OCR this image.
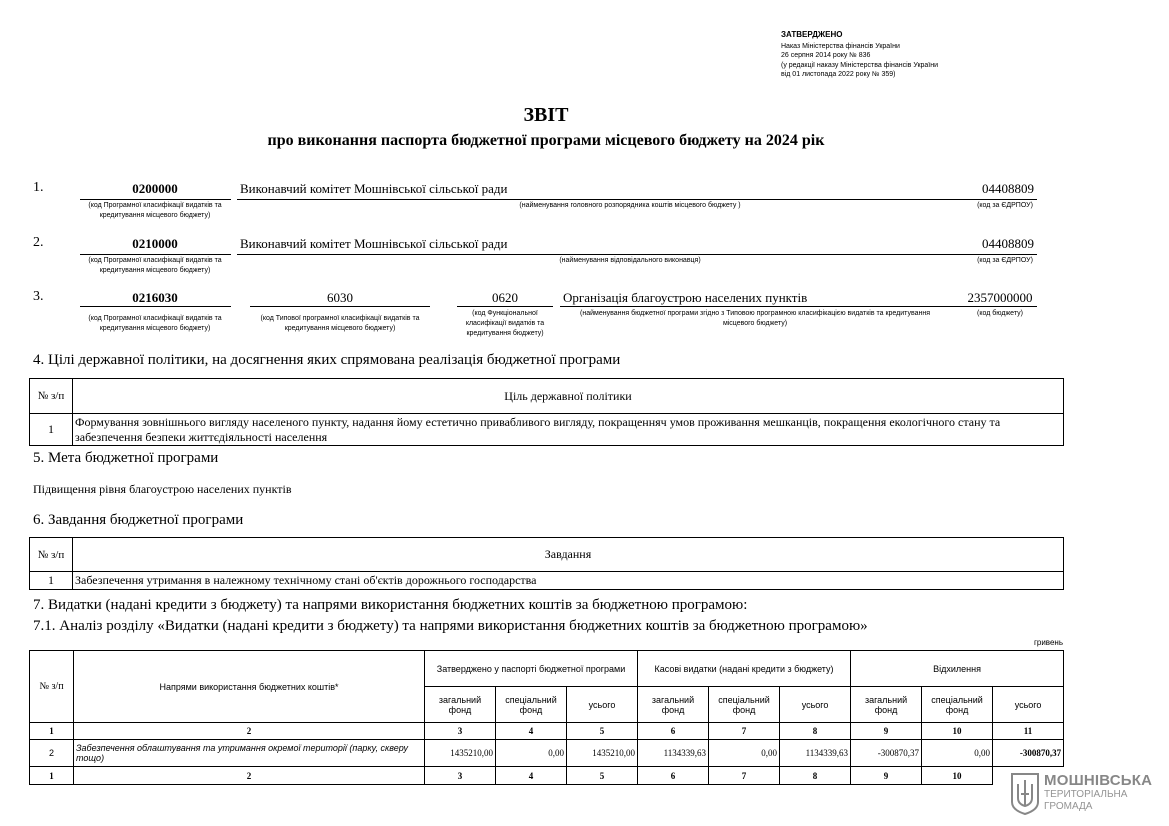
ЗАТВЕРДЖЕНО
Наказ Міністерства фінансів України
26 серпня 2014 року № 836
(у редакції наказу Міністерства фінансів України
від 01 листопада 2022 року № 359)
ЗВІТ
про виконання паспорта бюджетної програми місцевого бюджету на 2024 рік
1.	0200000	Виконавчий комітет Мошнівської сільської ради	04408809
(код Програмної класифікації видатків та кредитування місцевого бюджету)
(найменування головного розпорядника коштів місцевого бюджету )	(код за ЄДРПОУ)
2.	0210000	Виконавчий комітет Мошнівської сільської ради	04408809
(код Програмної класифікації видатків та кредитування місцевого бюджету)
(найменування відповідального виконавця)	(код за ЄДРПОУ)
3.	0216030	6030	0620	Організація благоустрою населених пунктів	2357000000
(код Програмної класифікації видатків та кредитування місцевого бюджету)
(код Типової програмної класифікації видатків та кредитування місцевого бюджету)
(код Функціональної класифікації видатків та кредитування бюджету)
(найменування бюджетної програми згідно з Типовою програмною класифікацією видатків та кредитування місцевого бюджету)
(код бюджету)
4. Цілі державної політики, на досягнення яких спрямована реалізація бюджетної програми
№ з/п	Ціль державної політики
1	Формування зовнішнього вигляду населеного пункту, надання йому естетично привабливого вигляду, покращенняч умов проживання мешканців, покращення екологічного стану та забезпечення безпеки життєдіяльності населення
5. Мета бюджетної програми
Підвищення рівня благоустрою населених пунктів
6. Завдання бюджетної програми
№ з/п	Завдання
1	Забезпечення утримання в належному технічному стані об'єктів дорожнього господарства
7. Видатки (надані кредити з бюджету) та напрями використання бюджетних коштів за бюджетною програмою:
7.1. Аналіз розділу «Видатки (надані кредити з бюджету) та напрями використання бюджетних коштів за бюджетною програмою»
гривень
№ з/п	Напрями використання бюджетних коштів*	Затверджено у паспорті бюджетної програми			Касові видатки (надані кредити з бюджету)			Відхилення		
		загальний фонд	спеціальний фонд	усього	загальний фонд	спеціальний фонд	усього	загальний фонд	спеціальний фонд	усього
1	2	3	4	5	6	7	8	9	10	11
2	Забезпечення облаштування та утримання окремої території (парку, скверу тощо)	1435210,00	0,00	1435210,00	1134339,63	0,00	1134339,63	-300870,37	0,00	-300870,37
1	2	3	4	5	6	7	8	9	10		МОШНІВСЬКА
ТЕРИТОРІАЛЬНА
ГРОМАДА
